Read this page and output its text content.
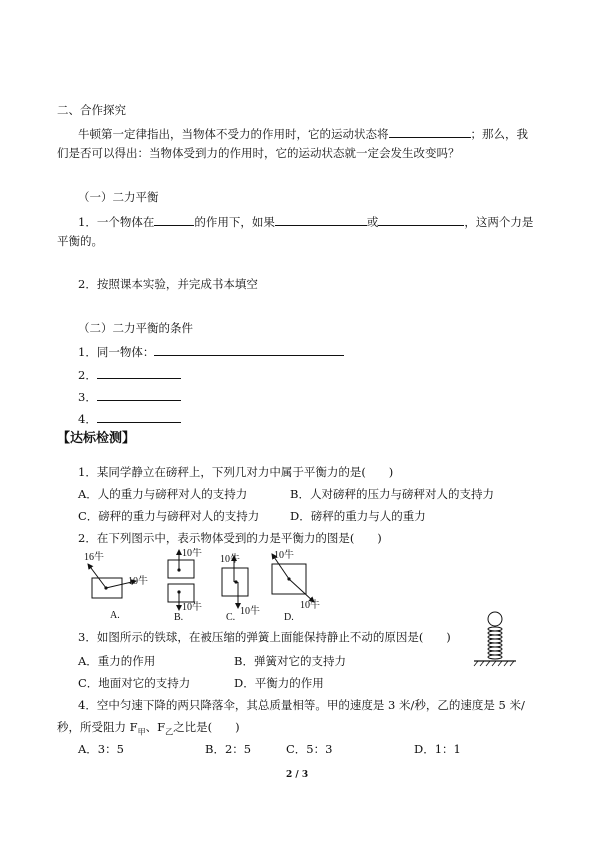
二、合作探究
牛顿第一定律指出，当物体不受力的作用时，它的运动状态将	；那么，我
们是否可以得出：当物体受到力的作用时，它的运动状态就一定会发生改变吗？
（一）二力平衡
1．一个物体在	的作用下，如果	或	，这两个力是
平衡的。
2．按照课本实验，并完成书本填空
（二）二力平衡的条件
1．同一物体：
2．
3．
4．
【达标检测】
1．某同学静立在磅秤上，下列几对力中属于平衡力的是(　　)
A．人的重力与磅秤对人的支持力	B．人对磅秤的压力与磅秤对人的支持力
C．磅秤的重力与磅秤对人的支持力	D．磅秤的重力与人的重力
2．在下列图示中，表示物体受到的力是平衡力的图是(　　)
16牛
10牛
A.
10牛
10牛
B.
10牛
10牛
C.
10牛
10牛
D.
3．如图所示的铁球，在被压缩的弹簧上面能保持静止不动的原因是(　　)
A．重力的作用	B．弹簧对它的支持力
C．地面对它的支持力	D．平衡力的作用
4．空中匀速下降的两只降落伞，其总质量相等。甲的速度是 3 米/秒，乙的速度是 5 米/
秒，所受阻力 $F_甲$、$F_乙$之比是(　　)
A．3：5	B．2：5	C．5：3	D．1：1
2 / 3
